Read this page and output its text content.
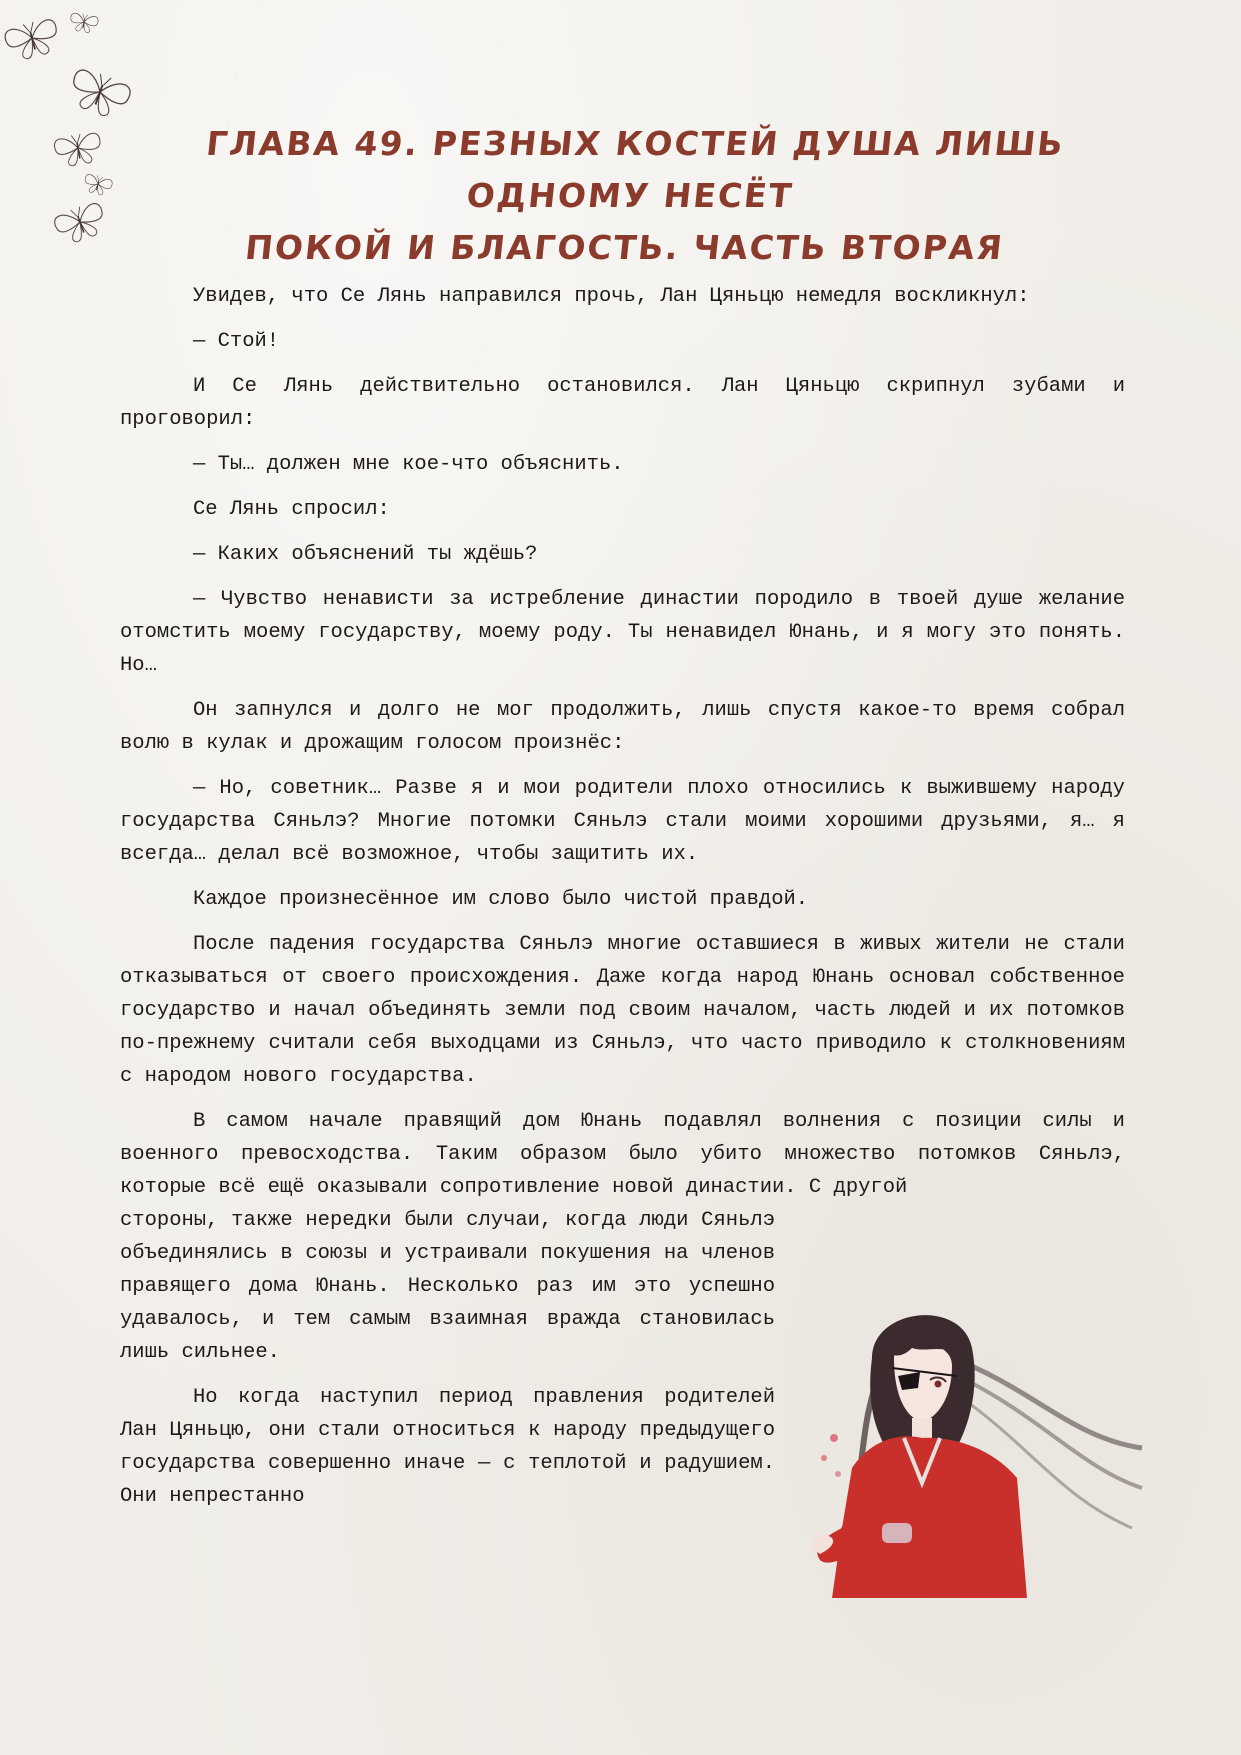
ГЛАВА 49. РЕЗНЫХ КОСТЕЙ ДУША ЛИШЬ ОДНОМУ НЕСЁТ
ПОКОЙ И БЛАГОСТЬ. ЧАСТЬ ВТОРАЯ

Увидев, что Се Лянь направился прочь, Лан Цяньцю немедля воскликнул:

— Стой!

И Се Лянь действительно остановился. Лан Цяньцю скрипнул зубами и проговорил:

— Ты… должен мне кое-что объяснить.

Се Лянь спросил:

— Каких объяснений ты ждёшь?

— Чувство ненависти за истребление династии породило в твоей душе желание отомстить моему государству, моему роду. Ты ненавидел Юнань, и я могу это понять. Но…

Он запнулся и долго не мог продолжить, лишь спустя какое-то время собрал волю в кулак и дрожащим голосом произнёс:

— Но, советник… Разве я и мои родители плохо относились к выжившему народу государства Сяньлэ? Многие потомки Сяньлэ стали моими хорошими друзьями, я… я всегда… делал всё возможное, чтобы защитить их.

Каждое произнесённое им слово было чистой правдой.

После падения государства Сяньлэ многие оставшиеся в живых жители не стали отказываться от своего происхождения. Даже когда народ Юнань основал собственное государство и начал объединять земли под своим началом, часть людей и их потомков по-прежнему считали себя выходцами из Сяньлэ, что часто приводило к столкновениям с народом нового государства.

В самом начале правящий дом Юнань подавлял волнения с позиции силы и военного превосходства. Таким образом было убито множество потомков Сяньлэ, которые всё ещё оказывали сопротивление новой династии. С другой

стороны, также нередки были случаи, когда люди Сяньлэ объединялись в союзы и устраивали покушения на членов правящего дома Юнань. Несколько раз им это успешно удавалось, и тем самым взаимная вражда становилась лишь сильнее.

Но когда наступил период правления родителей Лан Цяньцю, они стали относиться к народу предыдущего государства совершенно иначе — с теплотой и радушием. Они непрестанно
